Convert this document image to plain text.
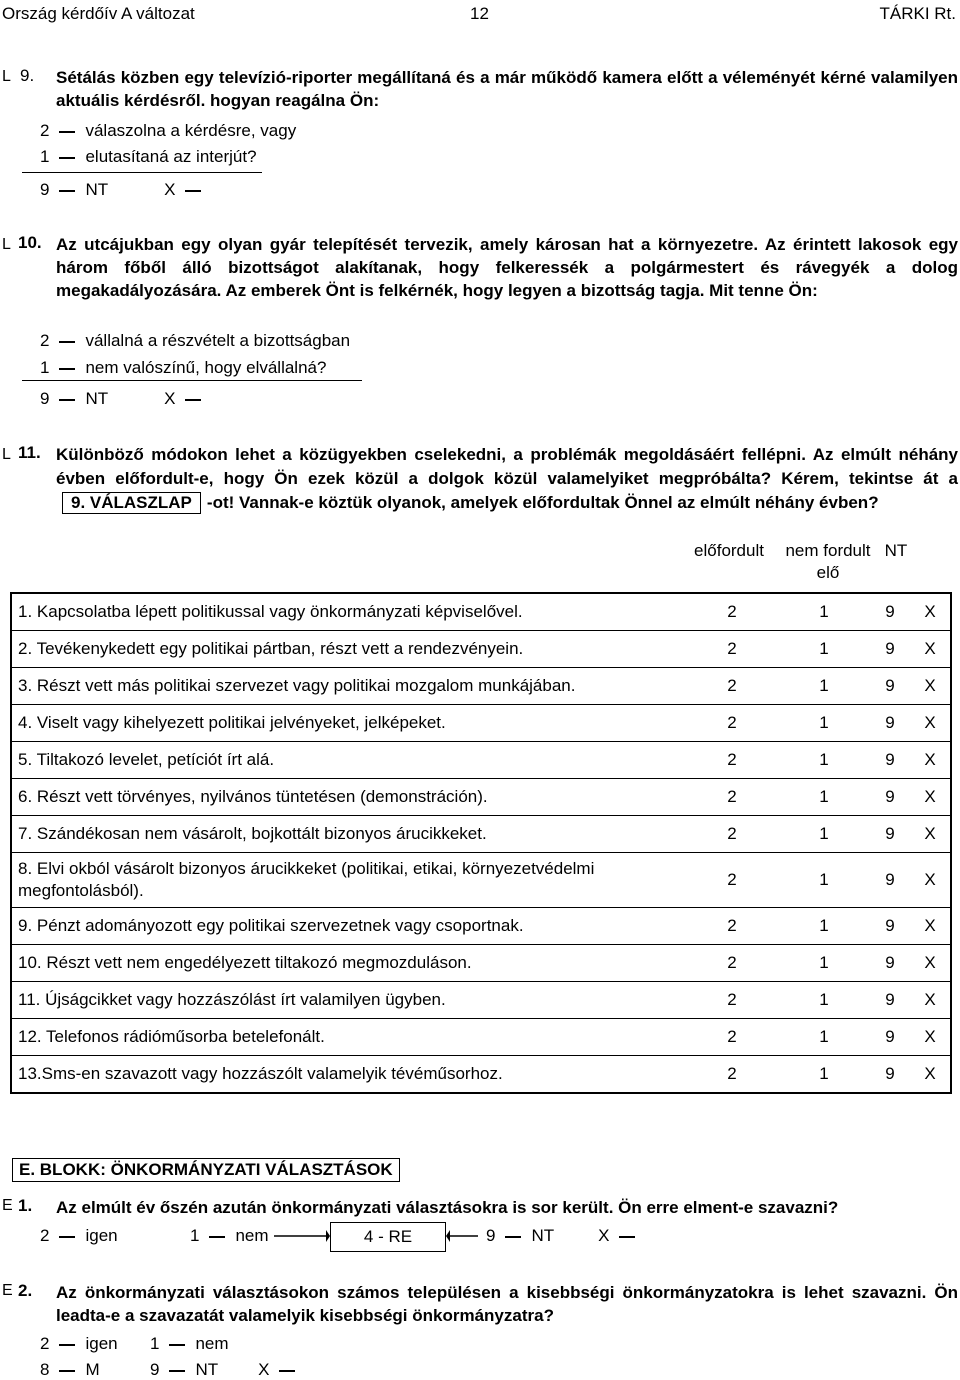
Ország kérdőív A változat	12	TÁRKI Rt.
L 9. Sétálás közben egy televízió-riporter megállítaná és a már működő kamera előtt a véleményét kérné valamilyen aktuális kérdésről. hogyan reagálna Ön:
2 válaszolna a kérdésre, vagy
1 elutasítaná az interjút?
9 NT	X
L 10. Az utcájukban egy olyan gyár telepítését tervezik, amely károsan hat a környezetre. Az érintett lakosok egy három főből álló bizottságot alakítanak, hogy felkeressék a polgármestert és rávegyék a dolog megakadályozására. Az emberek Önt is felkérnék, hogy legyen a bizottság tagja. Mit tenne Ön:
2 vállalná a részvételt a bizottságban
1 nem valószínű, hogy elvállalná?
9 NT	X
L 11. Különböző módokon lehet a közügyekben cselekedni, a problémák megoldásáért fellépni. Az elmúlt néhány évben előfordult-e, hogy Ön ezek közül a dolgok közül valamelyiket megpróbálta? Kérem, tekintse át a9. VÁLASZLAP -ot! Vannak-e köztük olyanok, amelyek előfordultak Önnel az elmúlt néhány évben?
előfordult	nem fordult elő
NT
1. Kapcsolatba lépett politikussal vagy önkormányzati képviselővel.	2	1	9	X
2. Tevékenykedett egy politikai pártban, részt vett a rendezvényein.	2	1	9	X
3. Részt vett más politikai szervezet vagy politikai mozgalom munkájában.	2	1	9	X
4. Viselt vagy kihelyezett politikai jelvényeket, jelképeket.	2	1	9	X
5. Tiltakozó levelet, petíciót írt alá.	2	1	9	X
6. Részt vett törvényes, nyilvános tüntetésen (demonstráción).	2	1	9	X
7. Szándékosan nem vásárolt, bojkottált bizonyos árucikkeket.	2	1	9	X
8. Elvi okból vásárolt bizonyos árucikkeket (politikai, etikai, környezetvédelmi megfontolásból).	2	1	9	X
9. Pénzt adományozott egy politikai szervezetnek vagy csoportnak.	2	1	9	X
10. Részt vett nem engedélyezett tiltakozó megmozduláson.	2	1	9	X
11. Újságcikket vagy hozzászólást írt valamilyen ügyben.	2	1	9	X
12. Telefonos rádióműsorba betelefonált.	2	1	9	X
13.Sms-en szavazott vagy hozzászólt valamelyik tévéműsorhoz.	2	1	9	X
E. BLOKK: ÖNKORMÁNYZATI VÁLASZTÁSOK
E 1. Az elmúlt év őszén azután önkormányzati választásokra is sor került. Ön erre elment-e szavazni?
2 igen	1 nem	4 - RE	9 NT	X
E 2. Az önkormányzati választásokon számos településen a kisebbségi önkormányzatokra is lehet szavazni. Ön leadta-e a szavazatát valamelyik kisebbségi önkormányzatra?
2 igen 1 nem
8 M	9 NT X
